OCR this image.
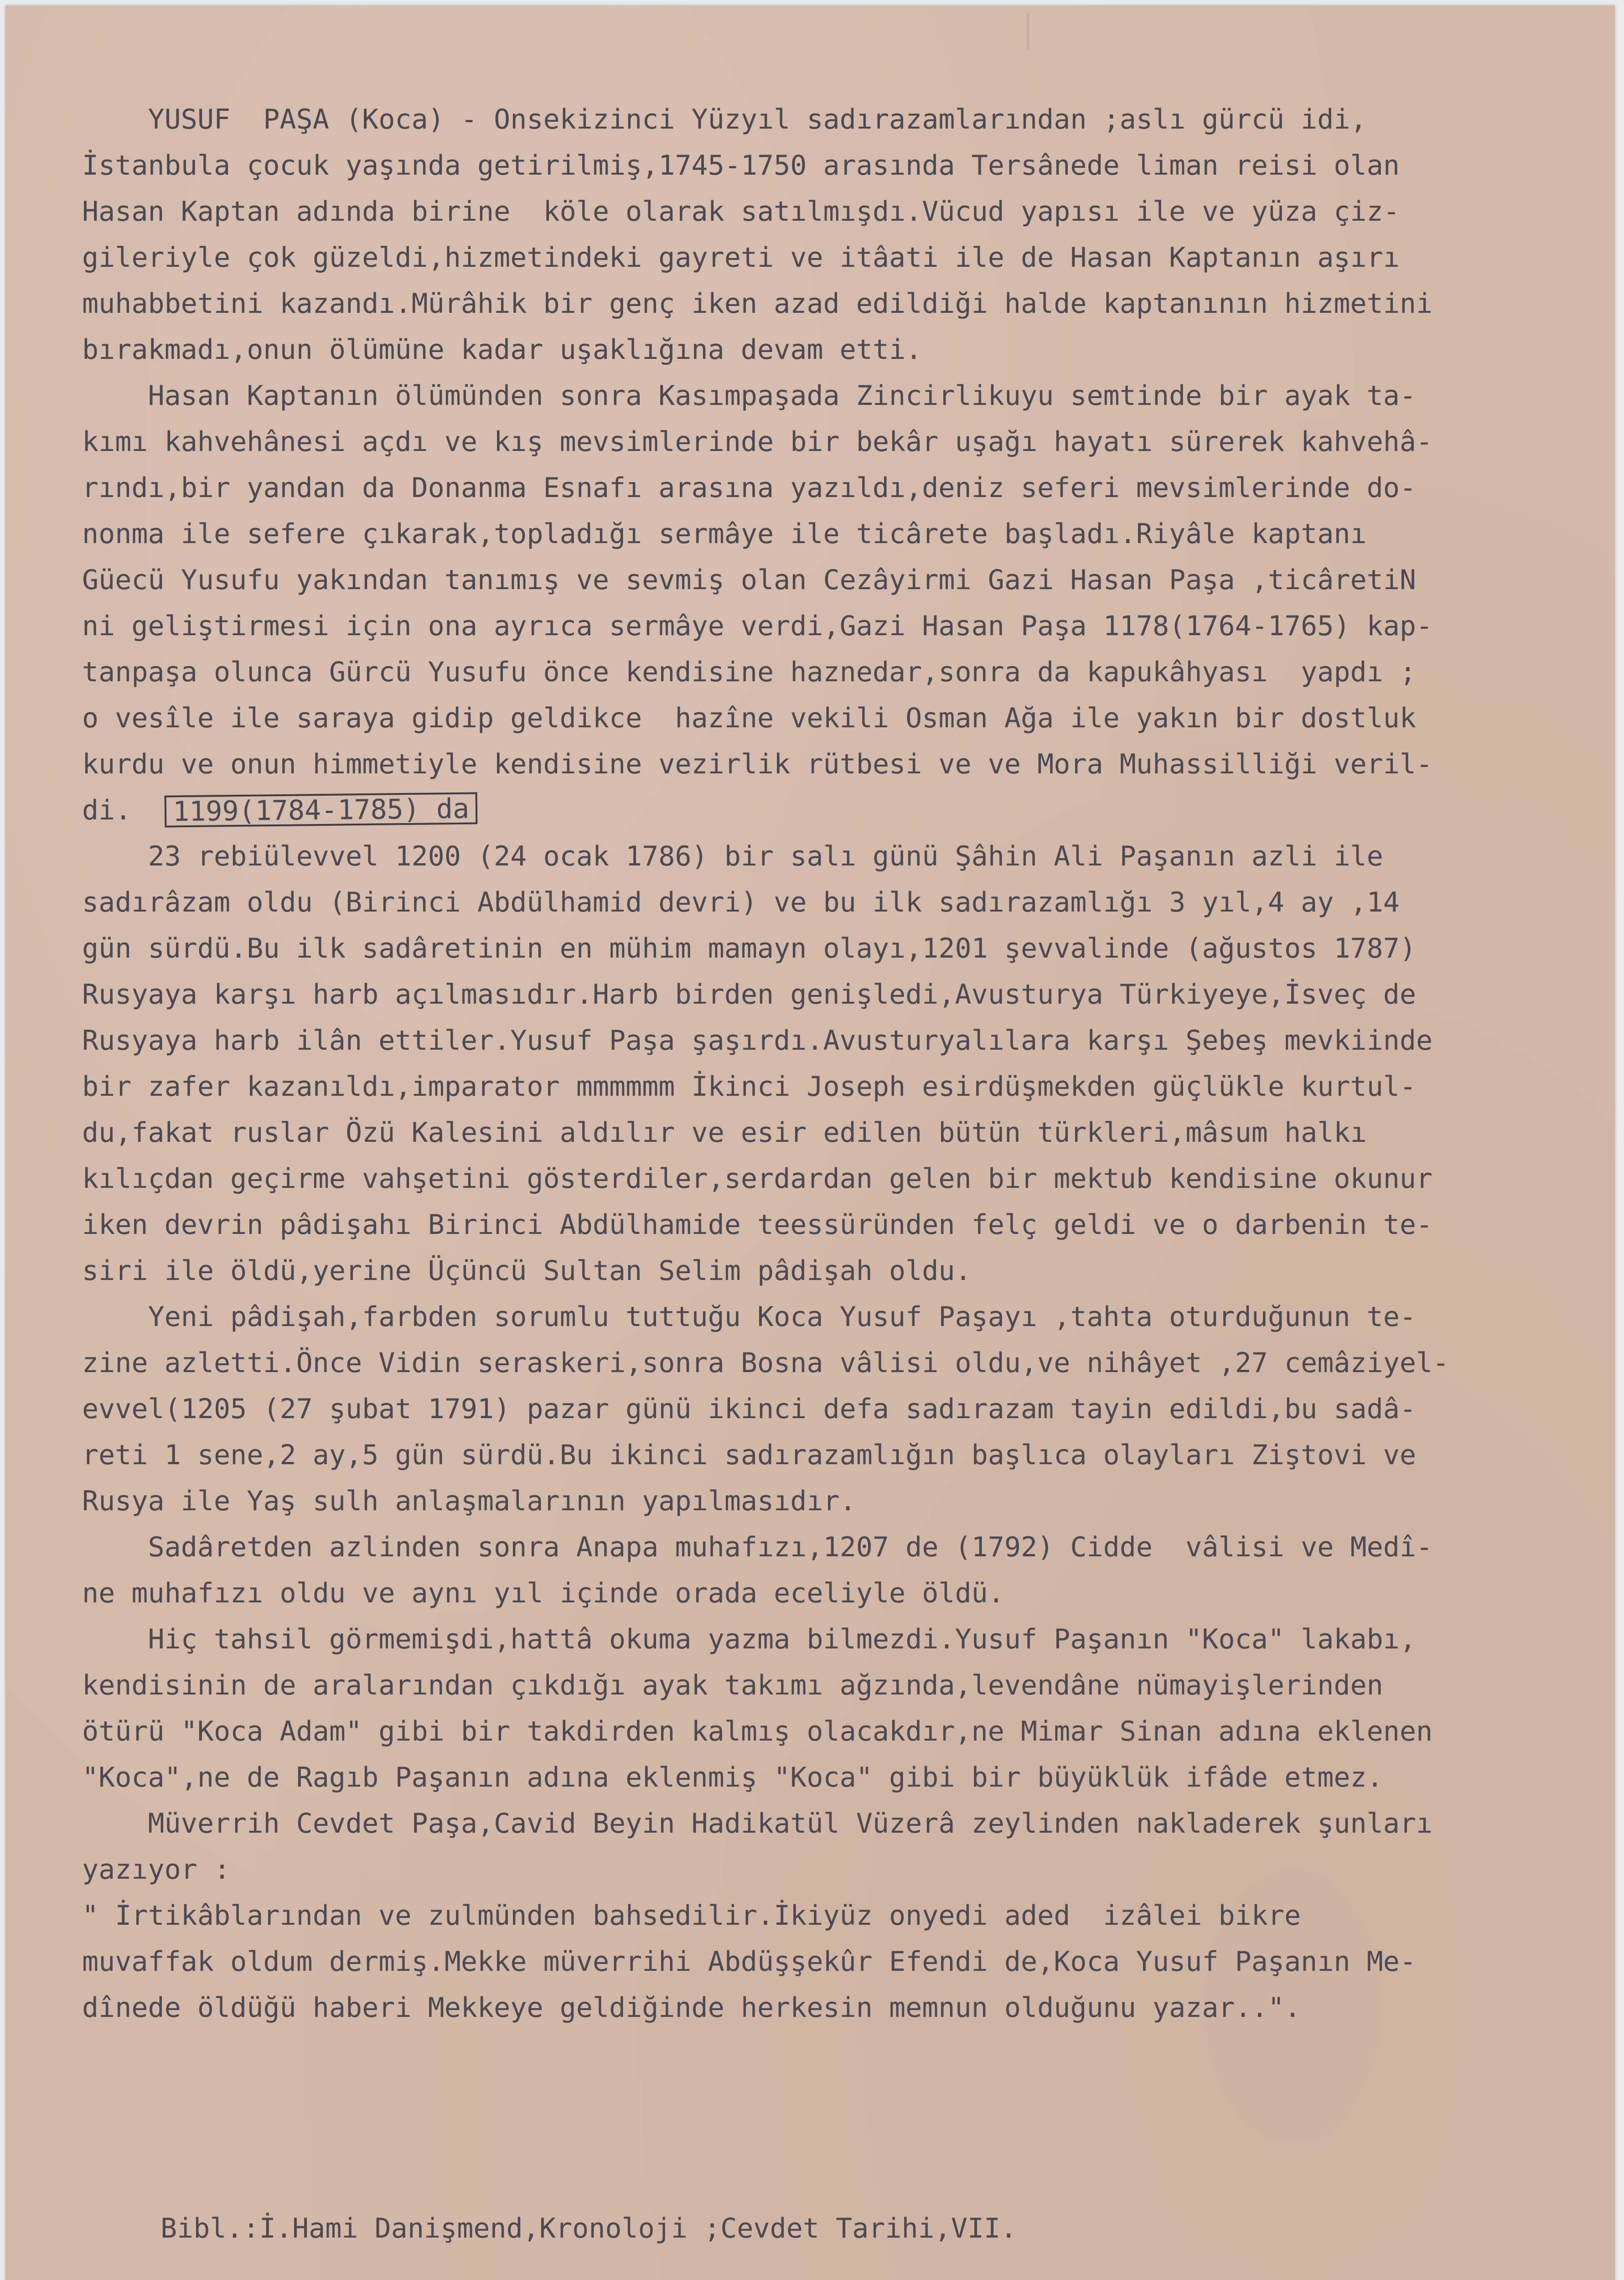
YUSUF  PAŞA (Koca) - Onsekizinci Yüzyıl sadırazamlarından ;aslı gürcü idi,
İstanbula çocuk yaşında getirilmiş,1745-1750 arasında Tersânede liman reisi olan
Hasan Kaptan adında birine  köle olarak satılmışdı.Vücud yapısı ile ve yüza çiz-
gileriyle çok güzeldi,hizmetindeki gayreti ve itâati ile de Hasan Kaptanın aşırı
muhabbetini kazandı.Mürâhik bir genç iken azad edildiği halde kaptanının hizmetini
bırakmadı,onun ölümüne kadar uşaklığına devam etti.
Hasan Kaptanın ölümünden sonra Kasımpaşada Zincirlikuyu semtinde bir ayak ta-
kımı kahvehânesi açdı ve kış mevsimlerinde bir bekâr uşağı hayatı sürerek kahvehâ-
rındı,bir yandan da Donanma Esnafı arasına yazıldı,deniz seferi mevsimlerinde do-
nonma ile sefere çıkarak,topladığı sermâye ile ticârete başladı.Riyâle kaptanı
Güecü Yusufu yakından tanımış ve sevmiş olan Cezâyirmi Gazi Hasan Paşa ,ticâretiN
ni geliştirmesi için ona ayrıca sermâye verdi,Gazi Hasan Paşa 1178(1764-1765) kap-
tanpaşa olunca Gürcü Yusufu önce kendisine haznedar,sonra da kapukâhyası  yapdı ;
o vesîle ile saraya gidip geldikce  hazîne vekili Osman Ağa ile yakın bir dostluk
kurdu ve onun himmetiyle kendisine vezirlik rütbesi ve ve Mora Muhassilliği veril-
di.  1199(1784-1785) da
23 rebiülevvel 1200 (24 ocak 1786) bir salı günü Şâhin Ali Paşanın azli ile
sadırâzam oldu (Birinci Abdülhamid devri) ve bu ilk sadırazamlığı 3 yıl,4 ay ,14
gün sürdü.Bu ilk sadâretinin en mühim mamayn olayı,1201 şevvalinde (ağustos 1787)
Rusyaya karşı harb açılmasıdır.Harb birden genişledi,Avusturya Türkiyeye,İsveç de
Rusyaya harb ilân ettiler.Yusuf Paşa şaşırdı.Avusturyalılara karşı Şebeş mevkiinde
bir zafer kazanıldı,imparator mmmmmm İkinci Joseph esirdüşmekden güçlükle kurtul-
du,fakat ruslar Özü Kalesini aldılır ve esir edilen bütün türkleri,mâsum halkı
kılıçdan geçirme vahşetini gösterdiler,serdardan gelen bir mektub kendisine okunur
iken devrin pâdişahı Birinci Abdülhamide teessüründen felç geldi ve o darbenin te-
siri ile öldü,yerine Üçüncü Sultan Selim pâdişah oldu.
Yeni pâdişah,farbden sorumlu tuttuğu Koca Yusuf Paşayı ,tahta oturduğunun te-
zine azletti.Önce Vidin seraskeri,sonra Bosna vâlisi oldu,ve nihâyet ,27 cemâziyel-
evvel(1205 (27 şubat 1791) pazar günü ikinci defa sadırazam tayin edildi,bu sadâ-
reti 1 sene,2 ay,5 gün sürdü.Bu ikinci sadırazamlığın başlıca olayları Ziştovi ve
Rusya ile Yaş sulh anlaşmalarının yapılmasıdır.
Sadâretden azlinden sonra Anapa muhafızı,1207 de (1792) Cidde  vâlisi ve Medî-
ne muhafızı oldu ve aynı yıl içinde orada eceliyle öldü.
Hiç tahsil görmemişdi,hattâ okuma yazma bilmezdi.Yusuf Paşanın "Koca" lakabı,
kendisinin de aralarından çıkdığı ayak takımı ağzında,levendâne nümayişlerinden
ötürü "Koca Adam" gibi bir takdirden kalmış olacakdır,ne Mimar Sinan adına eklenen
"Koca",ne de Ragıb Paşanın adına eklenmiş "Koca" gibi bir büyüklük ifâde etmez.
Müverrih Cevdet Paşa,Cavid Beyin Hadikatül Vüzerâ zeylinden nakladerek şunları
yazıyor :
" İrtikâblarından ve zulmünden bahsedilir.İkiyüz onyedi aded  izâlei bikre
muvaffak oldum dermiş.Mekke müverrihi Abdüşşekûr Efendi de,Koca Yusuf Paşanın Me-
dînede öldüğü haberi Mekkeye geldiğinde herkesin memnun olduğunu yazar..".
Bibl.:İ.Hami Danişmend,Kronoloji ;Cevdet Tarihi,VII.
